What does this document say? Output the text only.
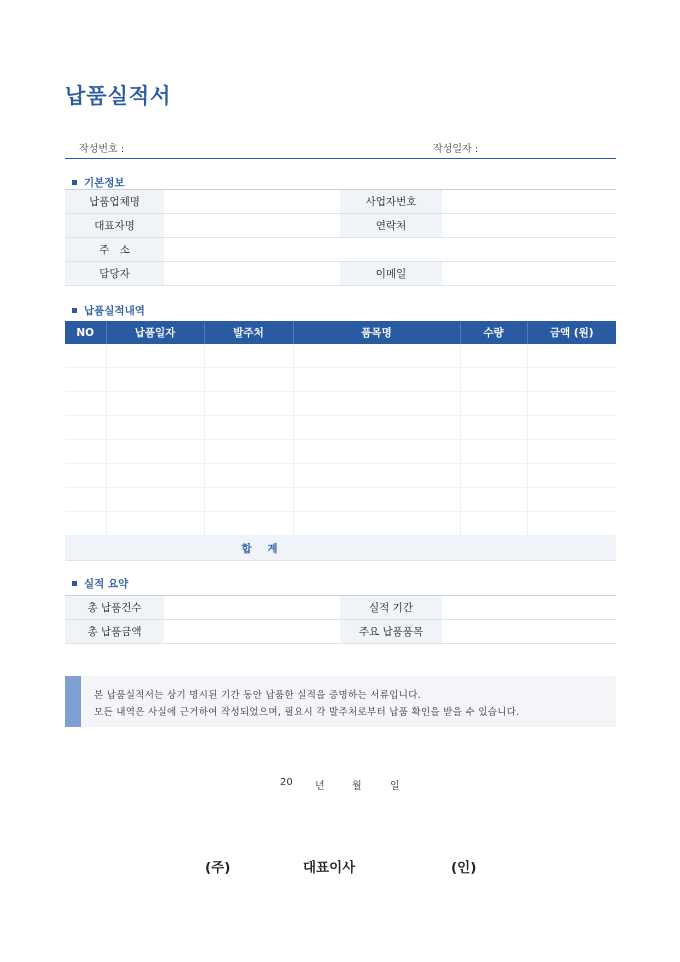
납품실적서
작성번호 :	작성일자 :
기본정보
납품업체명		사업자번호	
대표자명		연락처	
주　소			
담당자		이메일	
납품실적내역
NO	납품일자	발주처	품목명	수량	금액 (원)

합 계					
실적 요약
총 납품건수		실적 기간	
총 납품금액		주요 납품품목	
본 납품실적서는 상기 명시된 기간 동안 납품한 실적을 증명하는 서류입니다.
모든 내역은 사실에 근거하여 작성되었으며, 필요시 각 발주처로부터 납품 확인을 받을 수 있습니다.
20 년	월	일
(주)	대표이사	(인)
